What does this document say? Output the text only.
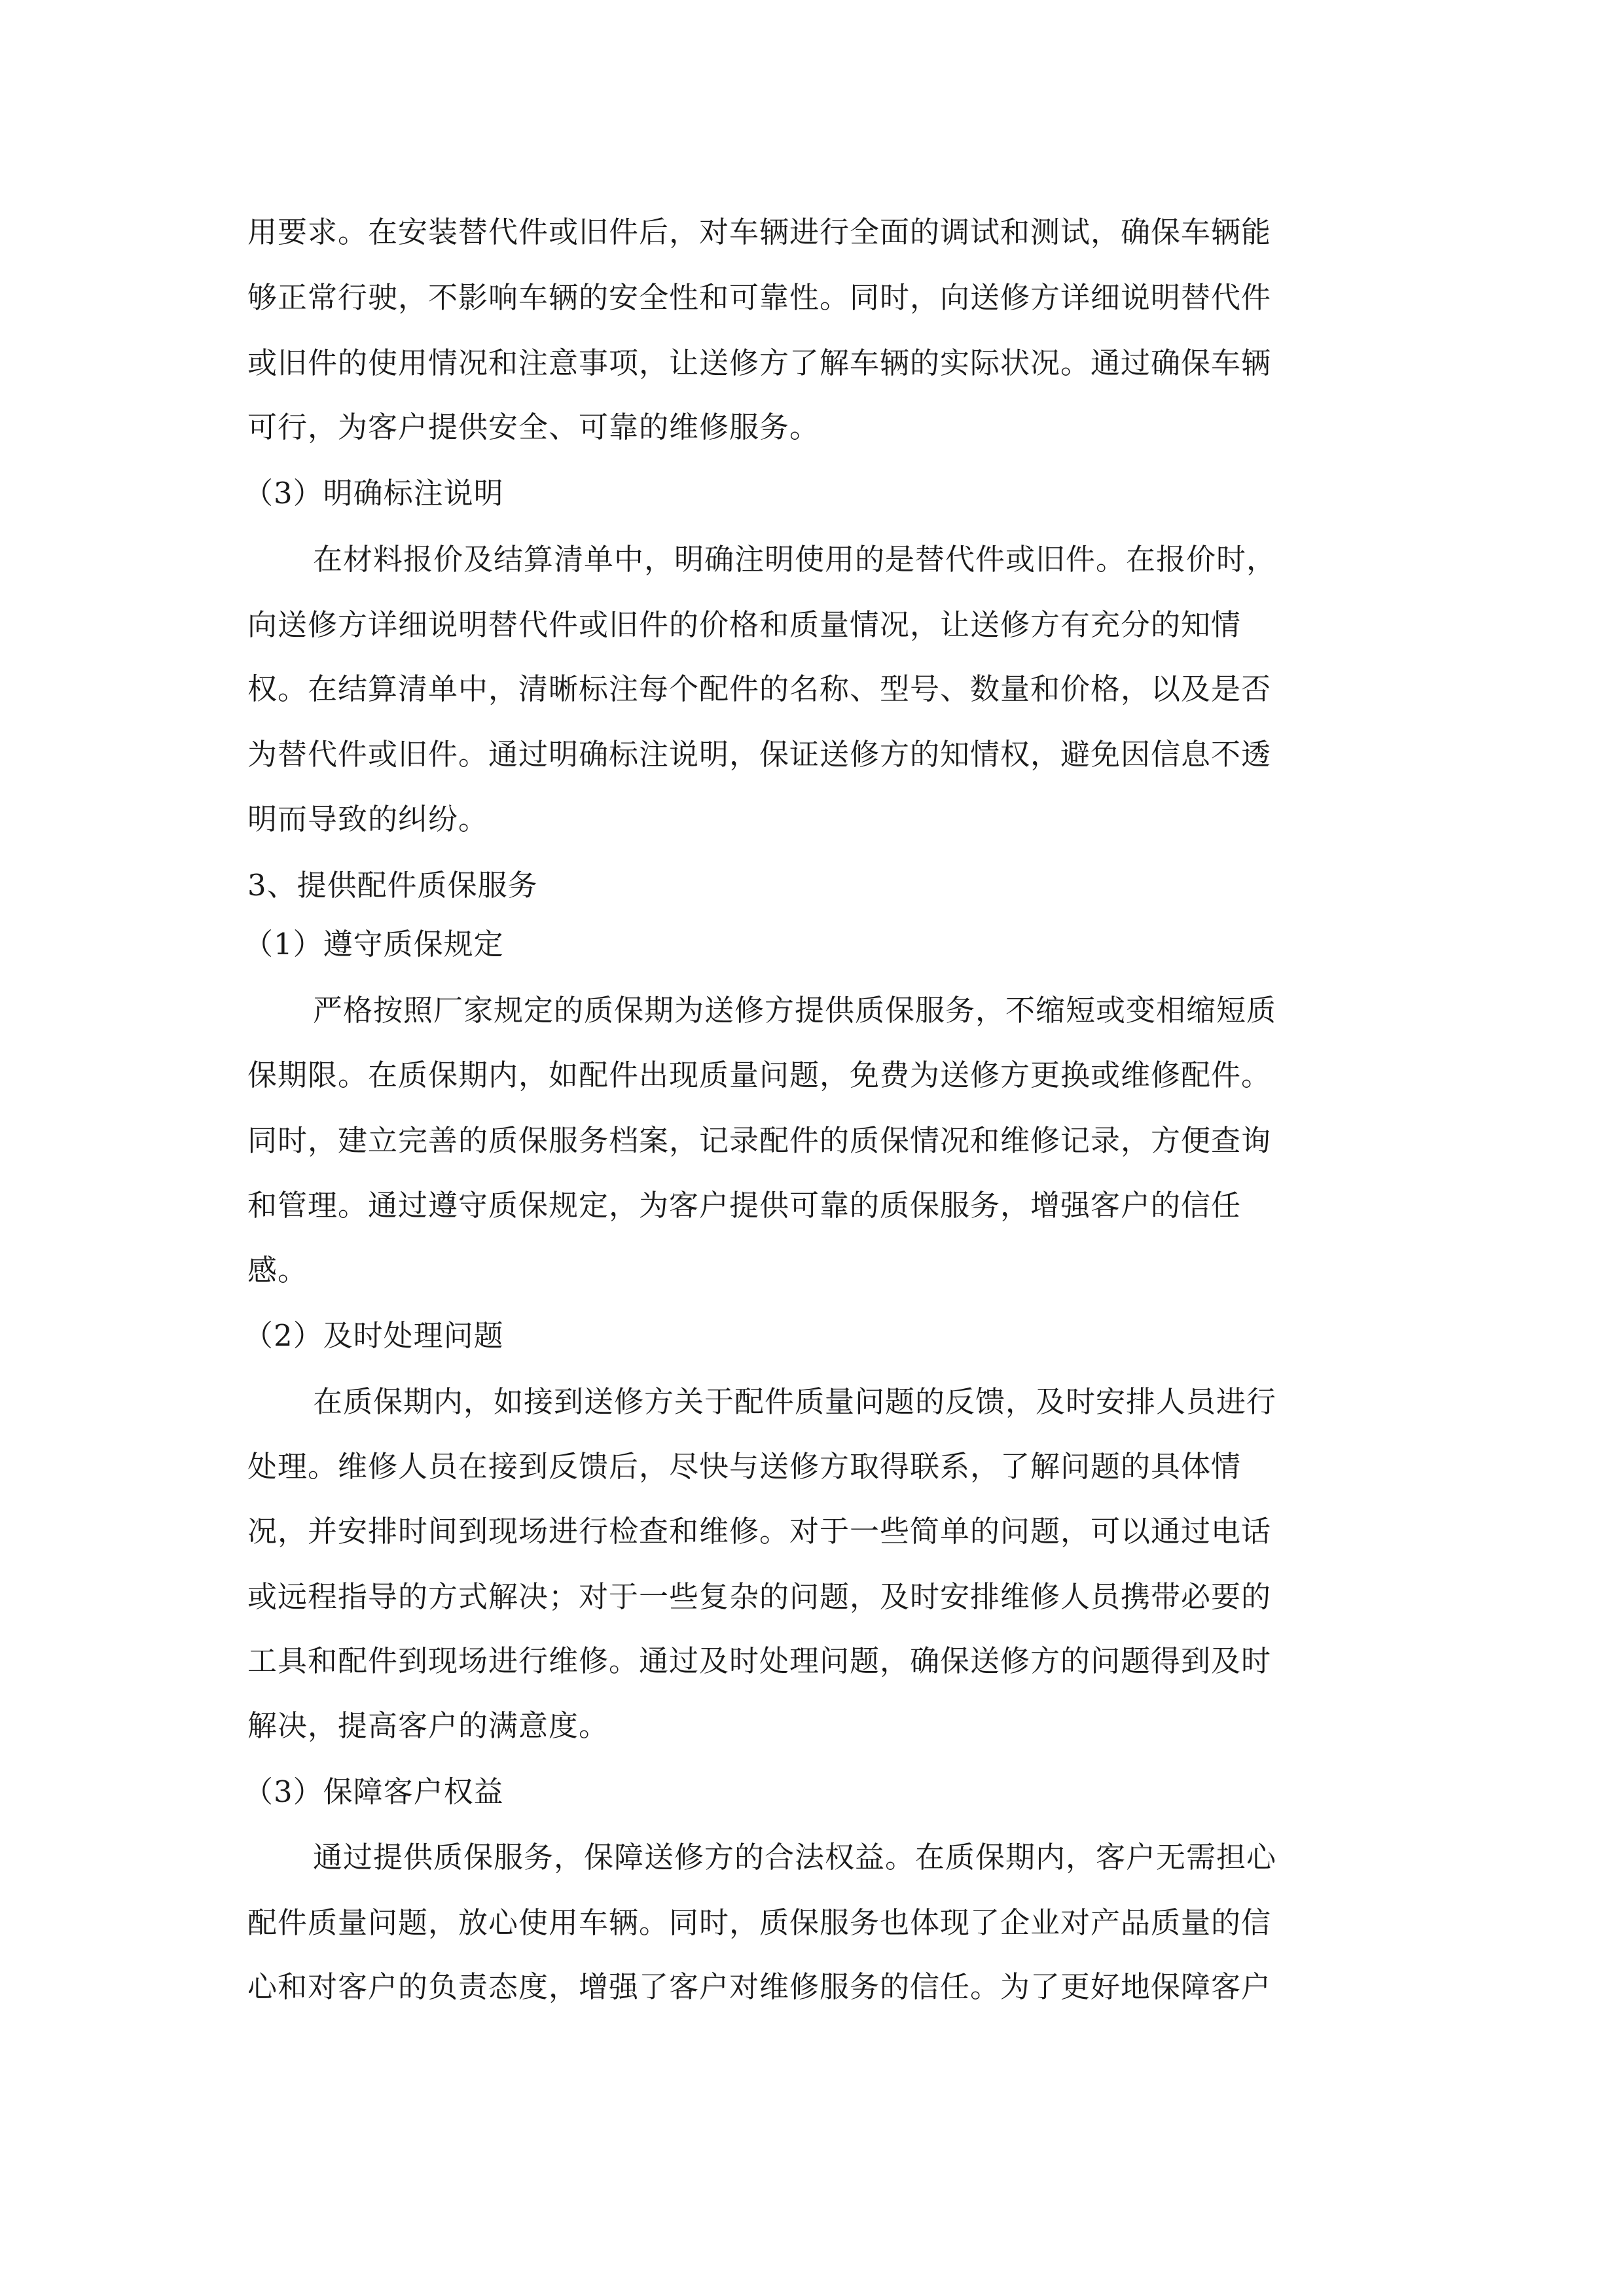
用要求。在安装替代件或旧件后，对车辆进行全面的调试和测试，确保车辆能
够正常行驶，不影响车辆的安全性和可靠性。同时，向送修方详细说明替代件
或旧件的使用情况和注意事项，让送修方了解车辆的实际状况。通过确保车辆
可行，为客户提供安全、可靠的维修服务。
（3）明确标注说明
在材料报价及结算清单中，明确注明使用的是替代件或旧件。在报价时，
向送修方详细说明替代件或旧件的价格和质量情况，让送修方有充分的知情
权。在结算清单中，清晰标注每个配件的名称、型号、数量和价格，以及是否
为替代件或旧件。通过明确标注说明，保证送修方的知情权，避免因信息不透
明而导致的纠纷。
3、提供配件质保服务
（1）遵守质保规定
严格按照厂家规定的质保期为送修方提供质保服务，不缩短或变相缩短质
保期限。在质保期内，如配件出现质量问题，免费为送修方更换或维修配件。
同时，建立完善的质保服务档案，记录配件的质保情况和维修记录，方便查询
和管理。通过遵守质保规定，为客户提供可靠的质保服务，增强客户的信任
感。
（2）及时处理问题
在质保期内，如接到送修方关于配件质量问题的反馈，及时安排人员进行
处理。维修人员在接到反馈后，尽快与送修方取得联系，了解问题的具体情
况，并安排时间到现场进行检查和维修。对于一些简单的问题，可以通过电话
或远程指导的方式解决；对于一些复杂的问题，及时安排维修人员携带必要的
工具和配件到现场进行维修。通过及时处理问题，确保送修方的问题得到及时
解决，提高客户的满意度。
（3）保障客户权益
通过提供质保服务，保障送修方的合法权益。在质保期内，客户无需担心
配件质量问题，放心使用车辆。同时，质保服务也体现了企业对产品质量的信
心和对客户的负责态度，增强了客户对维修服务的信任。为了更好地保障客户
